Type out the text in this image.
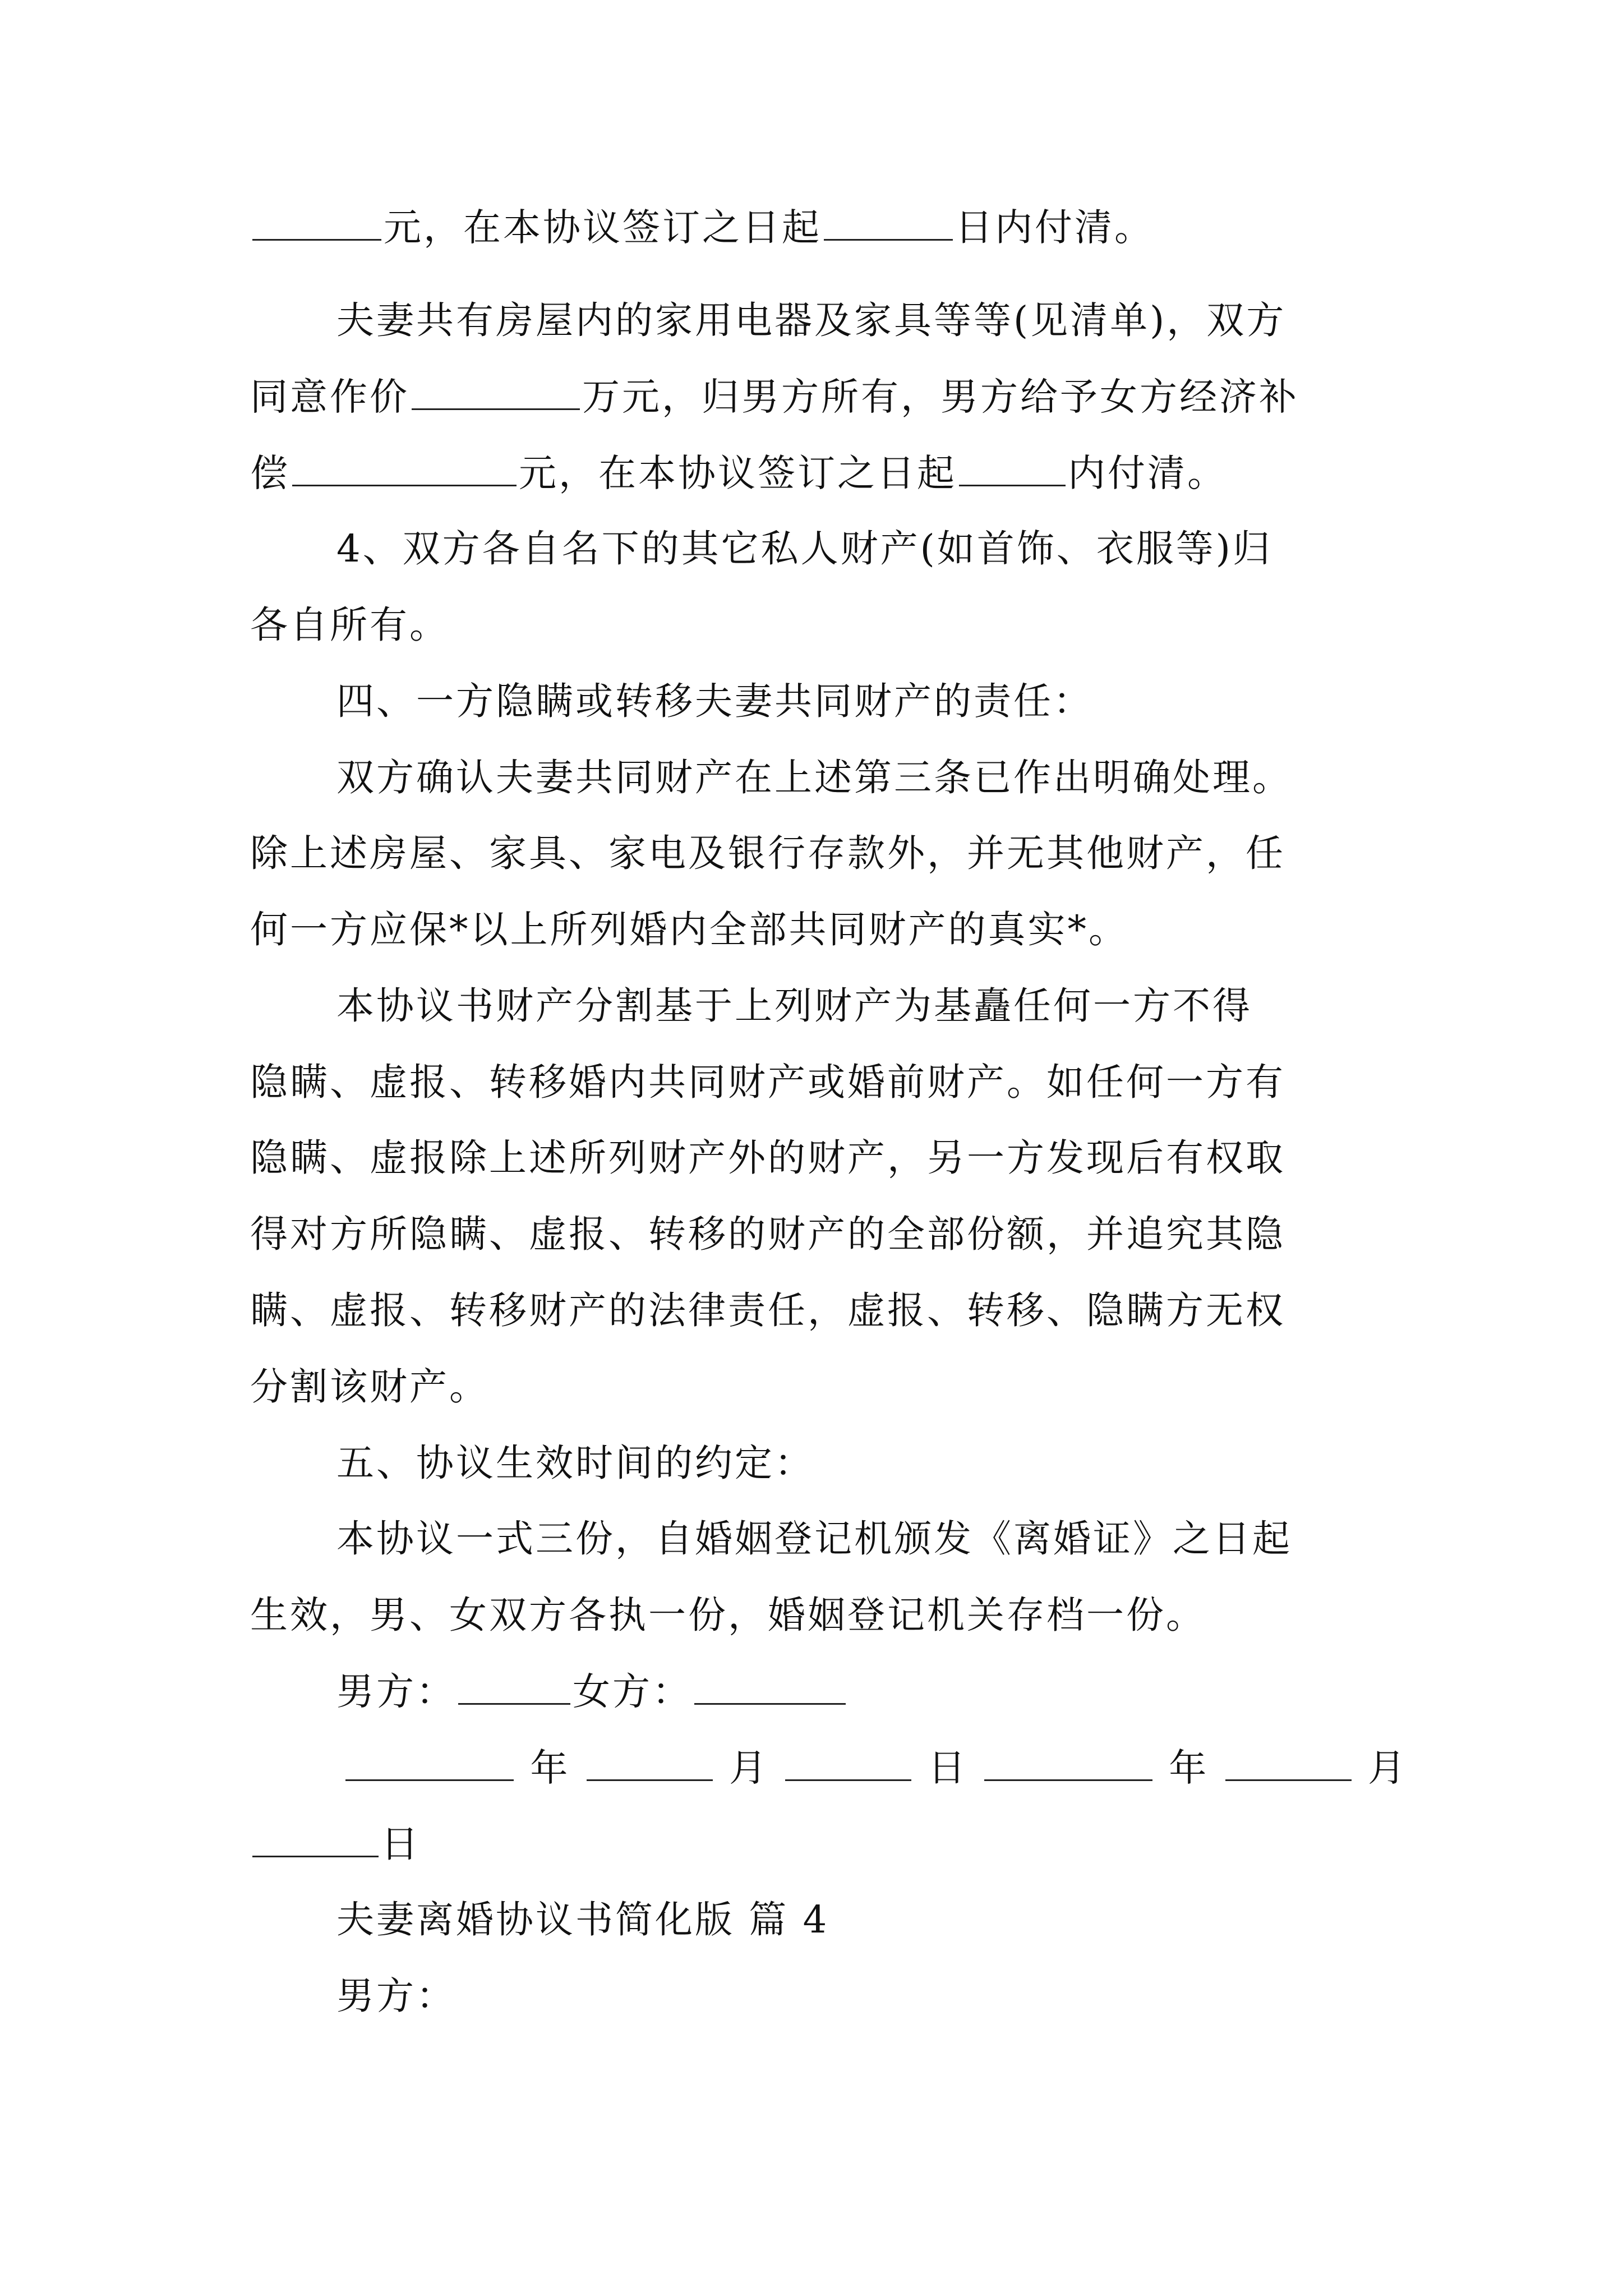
元，在本协议签订之日起	日内付清。
夫妻共有房屋内的家用电器及家具等等(见清单)，双方
同意作价	万元，归男方所有，男方给予女方经济补
偿	元，在本协议签订之日起	内付清。
4、双方各自名下的其它私人财产(如首饰、衣服等)归
各自所有。
四、一方隐瞒或转移夫妻共同财产的责任：
双方确认夫妻共同财产在上述第三条已作出明确处理。
除上述房屋、家具、家电及银行存款外，并无其他财产，任
何一方应保*以上所列婚内全部共同财产的真实*。
本协议书财产分割基于上列财产为基矗任何一方不得
隐瞒、虚报、转移婚内共同财产或婚前财产。如任何一方有
隐瞒、虚报除上述所列财产外的财产，另一方发现后有权取
得对方所隐瞒、虚报、转移的财产的全部份额，并追究其隐
瞒、虚报、转移财产的法律责任，虚报、转移、隐瞒方无权
分割该财产。
五、协议生效时间的约定：
本协议一式三份，自婚姻登记机颁发《离婚证》之日起
生效，男、女双方各执一份，婚姻登记机关存档一份。
男方：	女方：
年	月	日	年	月
日
夫妻离婚协议书简化版 篇 4
男方：
